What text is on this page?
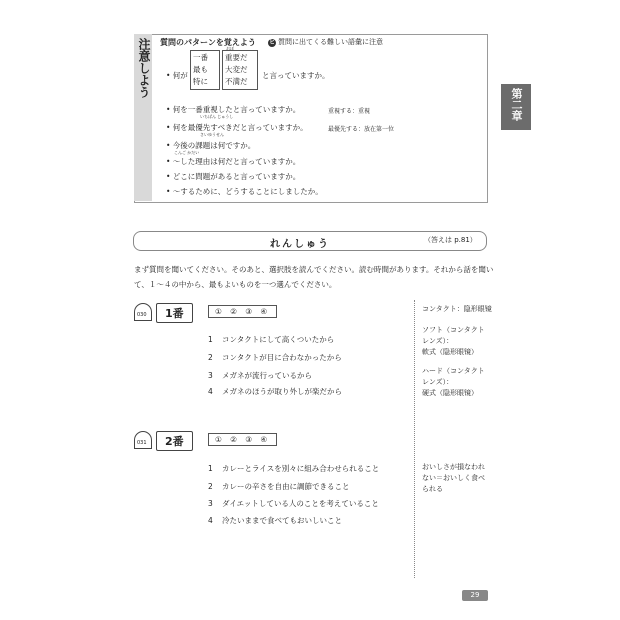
注意しよう 質問のパターンを覚えよう
おぼ
ヒ 質問に出てくる難しい語彙に注意
• 何が
一番
最も
特に
重要だ
大変だ
不満だ
と言っていますか。
• 何を一番重視したと言っていますか。
いちばん じゅうし
• 何を最優先すべきだと言っていますか。
さいゆうせん
• 今後の課題は何ですか。
こんご かだい
• ～した理由は何だと言っていますか。
• どこに問題があると言っていますか。
• ～するために、どうすることにしましたか。
重視する：重視
最優先する：放在第一位
第二章
れんしゅう	（答えは p.81）
まず質問を聞いてください。そのあと、選択肢を読んでください。読む時間があります。それから話を聞いて、１～４の中から、最もよいものを一つ選んでください。
030	1番	① ② ③ ④
1 コンタクトにして高くついたから
2 コンタクトが目に合わなかったから
3 メガネが流行っているから
4 メガネのほうが取り外しが楽だから
コンタクト：隐形眼镜
ソフト（コンタクト
レンズ）：
軟式（隐形眼镜）
ハード（コンタクト
レンズ）：
硬式（隐形眼镜）
031	2番	① ② ③ ④
1 カレーとライスを別々に組み合わせられること
2 カレーの辛さを自由に調節できること
3 ダイエットしている人のことを考えていること
4 冷たいままで食べてもおいしいこと
おいしさが損なわれ
ない＝おいしく食べ
られる
29
